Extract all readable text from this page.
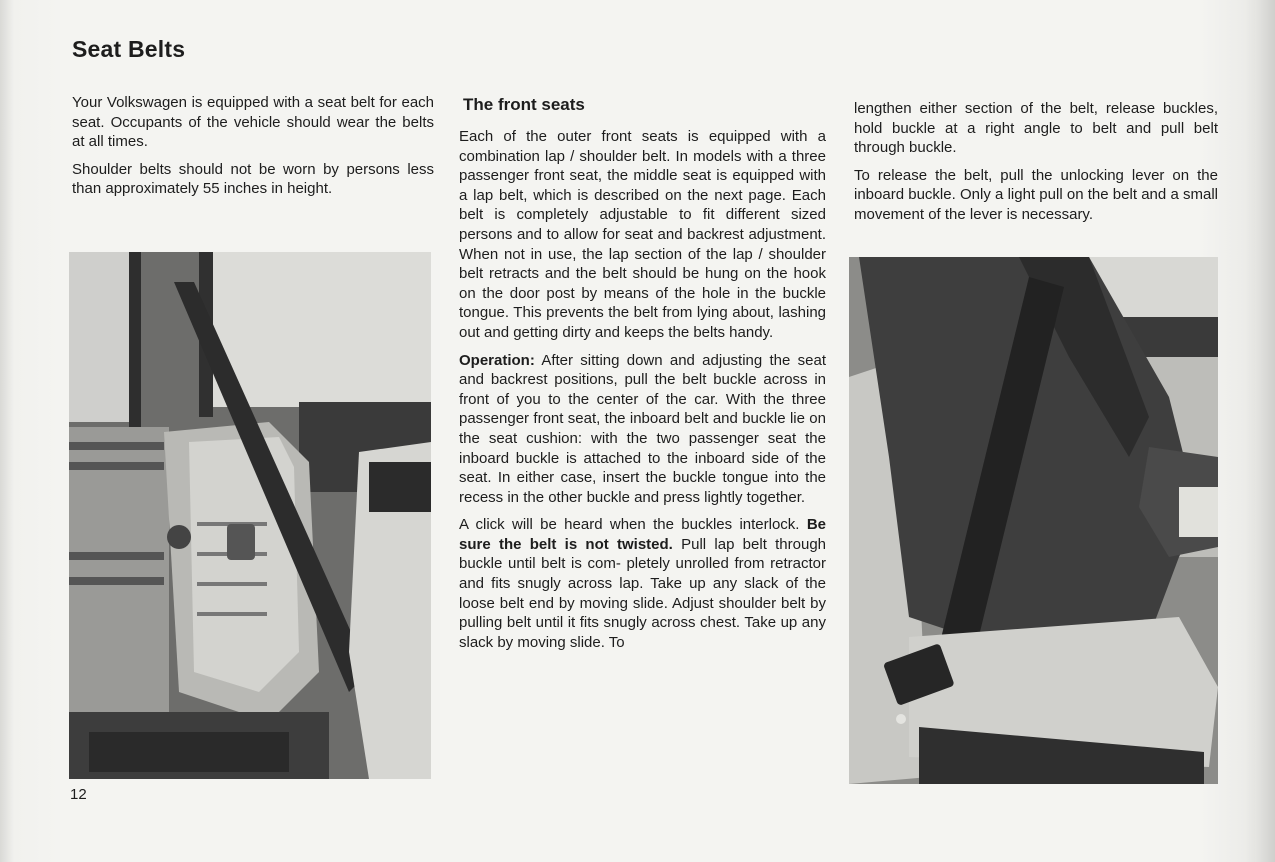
Seat Belts

Your Volkswagen is equipped with a seat belt for each seat. Occupants of the vehicle should wear the belts at all times.

Shoulder belts should not be worn by persons less than approximately 55 inches in height.

The front seats

Each of the outer front seats is equipped with a combination lap / shoulder belt. In models with a three passenger front seat, the middle seat is equipped with a lap belt, which is described on the next page. Each belt is completely adjustable to fit different sized persons and to allow for seat and backrest adjustment. When not in use, the lap section of the lap / shoulder belt retracts and the belt should be hung on the hook on the door post by means of the hole in the buckle tongue. This prevents the belt from lying about, lashing out and getting dirty and keeps the belts handy.

Operation: After sitting down and adjusting the seat and backrest positions, pull the belt buckle across in front of you to the center of the car. With the three passenger front seat, the inboard belt and buckle lie on the seat cushion: with the two passenger seat the inboard buckle is attached to the inboard side of the seat. In either case, insert the buckle tongue into the recess in the other buckle and press lightly together.

A click will be heard when the buckles interlock. Be sure the belt is not twisted. Pull lap belt through buckle until belt is com- pletely unrolled from retractor and fits snugly across lap. Take up any slack of the loose belt end by moving slide. Adjust shoulder belt by pulling belt until it fits snugly across chest. Take up any slack by moving slide. To

lengthen either section of the belt, release buckles, hold buckle at a right angle to belt and pull belt through buckle.

To release the belt, pull the unlocking lever on the inboard buckle. Only a light pull on the belt and a small movement of the lever is necessary.

12
